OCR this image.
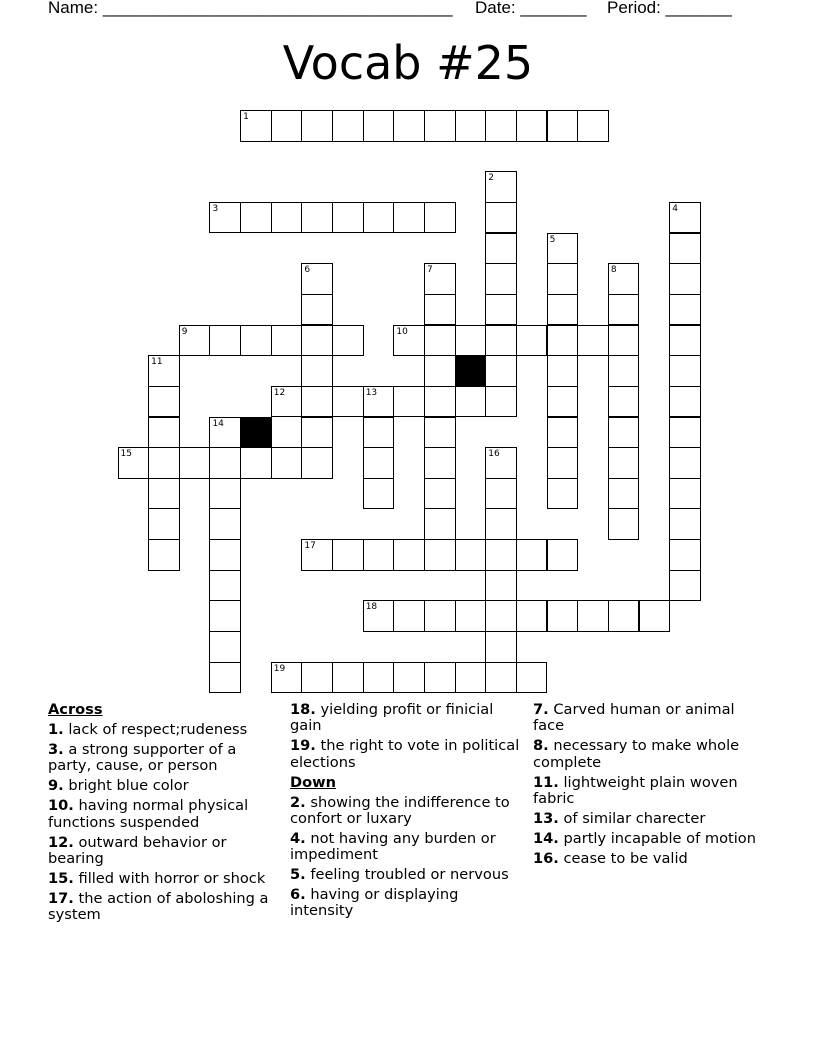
Name: _____________________________________ Date: _______ Period: _______
Vocab #25
1
2
3	4
5
6	7	8
9	10
11
12	13
14
15	16
17
18
19
Across
1. lack of respect;rudeness
3. a strong supporter of a party, cause, or person
9. bright blue color
10. having normal physical functions suspended
12. outward behavior or bearing
15. filled with horror or shock
17. the action of aboloshing a system
18. yielding profit or finicial gain
19. the right to vote in political elections
Down
2. showing the indifference to confort or luxary
4. not having any burden or impediment
5. feeling troubled or nervous
6. having or displaying intensity
7. Carved human or animal face
8. necessary to make whole complete
11. lightweight plain woven fabric
13. of similar charecter
14. partly incapable of motion
16. cease to be valid
